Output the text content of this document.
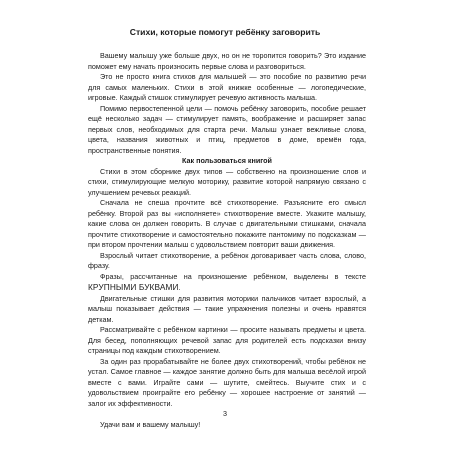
Стихи, которые помогут ребёнку заговорить

Вашему малышу уже больше двух, но он не торопится говорить? Это издание поможет ему начать произносить первые слова и разговориться.

Это не просто книга стихов для малышей — это пособие по развитию речи для самых маленьких. Стихи в этой книжке особенные — логопедические, игровые. Каждый стишок стимулирует речевую активность малыша.

Помимо первостепенной цели — помочь ребёнку заговорить, пособие решает ещё несколько задач — стимулирует память, воображение и расширяет запас первых слов, необходимых для старта речи. Малыш узнает вежливые слова, цвета, названия животных и птиц, предметов в доме, времён года, пространственные понятия.

Как пользоваться книгой

Стихи в этом сборнике двух типов — собственно на произношение слов и стихи, стимулирующие мелкую моторику, развитие которой напрямую связано с улучшением речевых реакций.

Сначала не спеша прочтите всё стихотворение. Разъясните его смысл ребёнку. Второй раз вы «исполняете» стихотворение вместе. Укажите малышу, какие слова он должен говорить. В случае с двигательными стишками, сначала прочтите стихотворение и самостоятельно покажите пантомиму по подсказкам — при втором прочтении малыш с удовольствием повторит ваши движения.

Взрослый читает стихотворение, а ребёнок договаривает часть слова, слово, фразу.

Фразы, рассчитанные на произношение ребёнком, выделены в тексте КРУПНЫМИ БУКВАМИ.

Двигательные стишки для развития моторики пальчиков читает взрослый, а малыш показывает действия — такие упражнения полезны и очень нравятся деткам.

Рассматривайте с ребёнком картинки — просите называть предметы и цвета. Для бесед, пополняющих речевой запас для родителей есть подсказки внизу страницы под каждым стихотворением.

За один раз прорабатывайте не более двух стихотворений, чтобы ребёнок не устал. Самое главное — каждое занятие должно быть для малыша весёлой игрой вместе с вами. Играйте сами — шутите, смейтесь. Выучите стих и с удовольствием проиграйте его ребёнку — хорошее настроение от занятий — залог их эффективности.

Удачи вам и вашему малышу!

3
